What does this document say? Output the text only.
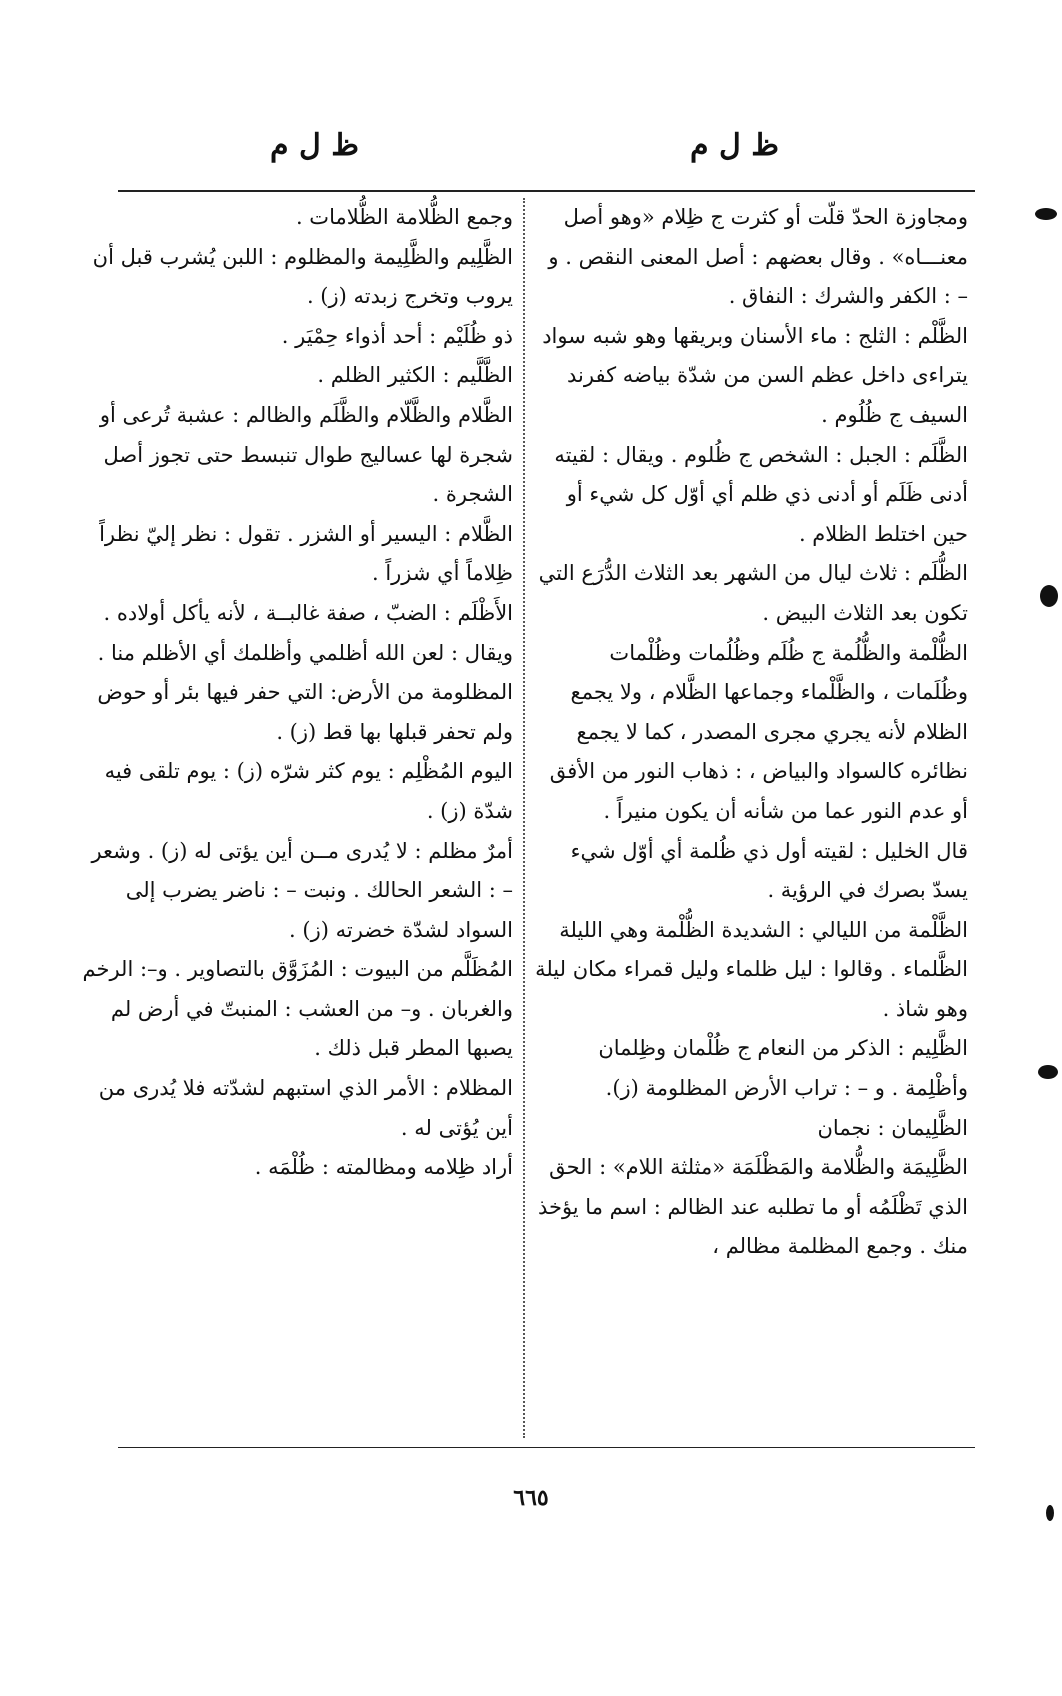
ظ ل م
ظ ل م

ومجاوزة الحدّ قلّت أو كثرت ج ظِلام «وهو أصل معنـــاه» . وقال بعضهم : أصل المعنى النقص . و – : الكفر والشرك : النفاق .

الظَّلْم : الثلج : ماء الأسنان وبريقها وهو شبه سواد يتراءى داخل عظم السن من شدّة بياضه كفرند السيف ج ظُلُوم .

الظَّلَم : الجبل : الشخص ج ظُلوم . ويقال : لقيته أدنى ظَلَم أو أدنى ذي ظلم أي أوّل كل شيء أو حين اختلط الظلام .

الظُّلَم : ثلاث ليال من الشهر بعد الثلاث الدُّرَع التي تكون بعد الثلاث البيض .

الظُّلْمة والظُّلُمة ج ظُلَم وظُلُمات وظُلْمات وظُلَمات ، والظَّلْماء وجماعها الظَّلام ، ولا يجمع الظلام لأنه يجري مجرى المصدر ، كما لا يجمع نظائره كالسواد والبياض ، : ذهاب النور من الأفق أو عدم النور عما من شأنه أن يكون منيراً .

قال الخليل : لقيته أول ذي ظُلمة أي أوّل شيء يسدّ بصرك في الرؤية .

الظَّلْمة من الليالي : الشديدة الظُّلْمة وهي الليلة الظَّلماء . وقالوا : ليل ظلماء وليل قمراء مكان ليلة وهو شاذ .

الظَّلِيم : الذكر من النعام ج ظُلْمان وظِلمان وأظْلِمة . و – : تراب الأرض المظلومة (ز).

الظَّلِيمان : نجمان

الظَّلِيمَة والظُّلامة والمَظْلَمَة «مثلثة اللام» : الحق الذي تَظْلَمُه أو ما تطلبه عند الظالم : اسم ما يؤخذ منك . وجمع المظلمة مظالم ،

وجمع الظُّلامة الظُّلامات .

الظَّلِيم والظَّلِيمة والمظلوم : اللبن يُشرب قبل أن يروب وتخرج زبدته (ز) .

ذو ظُلَيْم : أحد أذواء حِمْيَر .

الظَّلَّيم : الكثير الظلم .

الظَّلام والظَّلّام والظَّلَم والظالم : عشبة تُرعى أو شجرة لها عساليج طوال تنبسط حتى تجوز أصل الشجرة .

الظَّلام : اليسير أو الشزر . تقول : نظر إليّ نظراً ظِلاماً أي شزراً .

الأَظْلَم : الضبّ ، صفة غالبــة ، لأنه يأكل أولاده .

ويقال : لعن الله أظلمي وأظلمك أي الأظلم منا .

المظلومة من الأرض: التي حفر فيها بئر أو حوض ولم تحفر قبلها بها قط (ز) .

اليوم المُظْلِم : يوم كثر شرّه (ز) : يوم تلقى فيه شدّة (ز) .

أمرٌ مظلم : لا يُدرى مــن أين يؤتى له (ز) . وشعر – : الشعر الحالك . ونبت – : ناضر يضرب إلى السواد لشدّة خضرته (ز) .

المُظَلَّم من البيوت : المُزَوَّق بالتصاوير . و–: الرخم والغربان . و– من العشب : المنبتّ في أرض لم يصبها المطر قبل ذلك .

المظلام : الأمر الذي استبهم لشدّته فلا يُدرى من أين يُؤتى له .

أراد ظِلامه ومظالمته : ظُلْمَه .

٦٦٥
